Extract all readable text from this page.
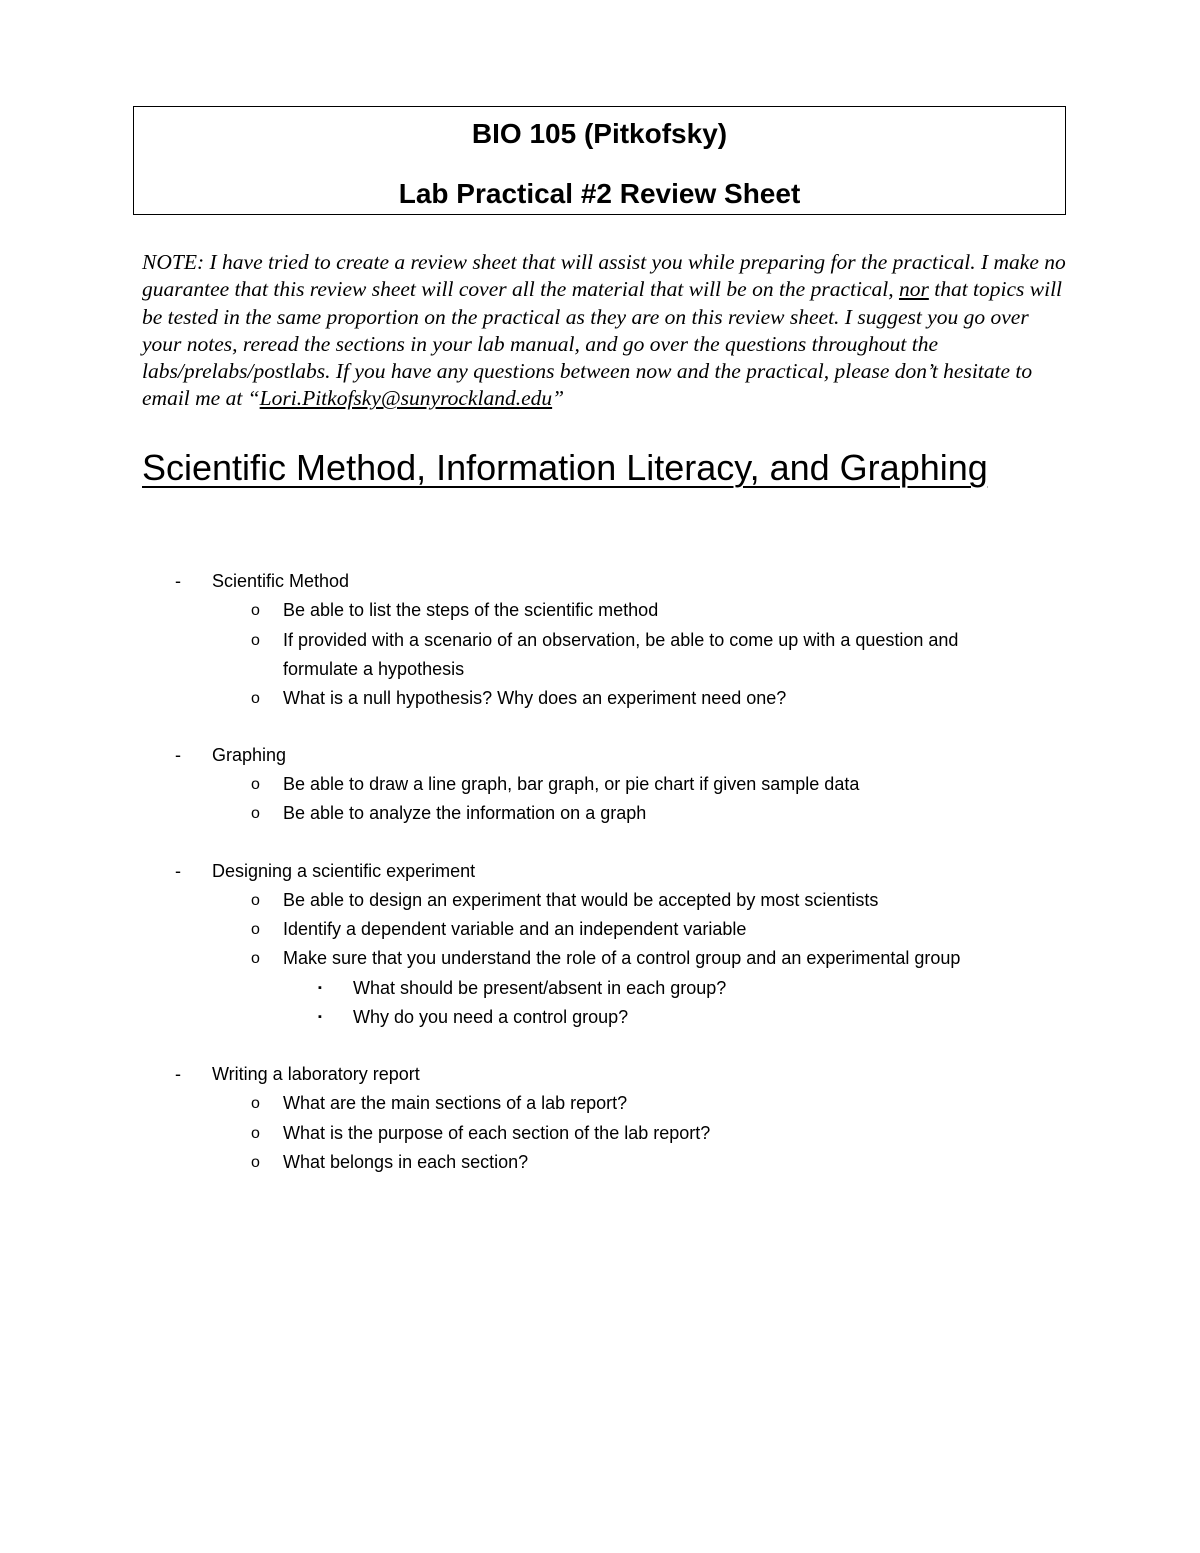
BIO 105 (Pitkofsky)
Lab Practical #2 Review Sheet
NOTE: I have tried to create a review sheet that will assist you while preparing for the practical. I make no guarantee that this review sheet will cover all the material that will be on the practical, nor that topics will be tested in the same proportion on the practical as they are on this review sheet. I suggest you go over your notes, reread the sections in your lab manual, and go over the questions throughout the labs/prelabs/postlabs. If you have any questions between now and the practical, please don’t hesitate to email me at “Lori.Pitkofsky@sunyrockland.edu”
Scientific Method, Information Literacy, and Graphing
- Scientific Method
o Be able to list the steps of the scientific method
o If provided with a scenario of an observation, be able to come up with a question and
formulate a hypothesis
o What is a null hypothesis? Why does an experiment need one?
- Graphing
o Be able to draw a line graph, bar graph, or pie chart if given sample data
o Be able to analyze the information on a graph
- Designing a scientific experiment
o Be able to design an experiment that would be accepted by most scientists
o Identify a dependent variable and an independent variable
o Make sure that you understand the role of a control group and an experimental group
▪ What should be present/absent in each group?
▪ Why do you need a control group?
- Writing a laboratory report
o What are the main sections of a lab report?
o What is the purpose of each section of the lab report?
o What belongs in each section?
